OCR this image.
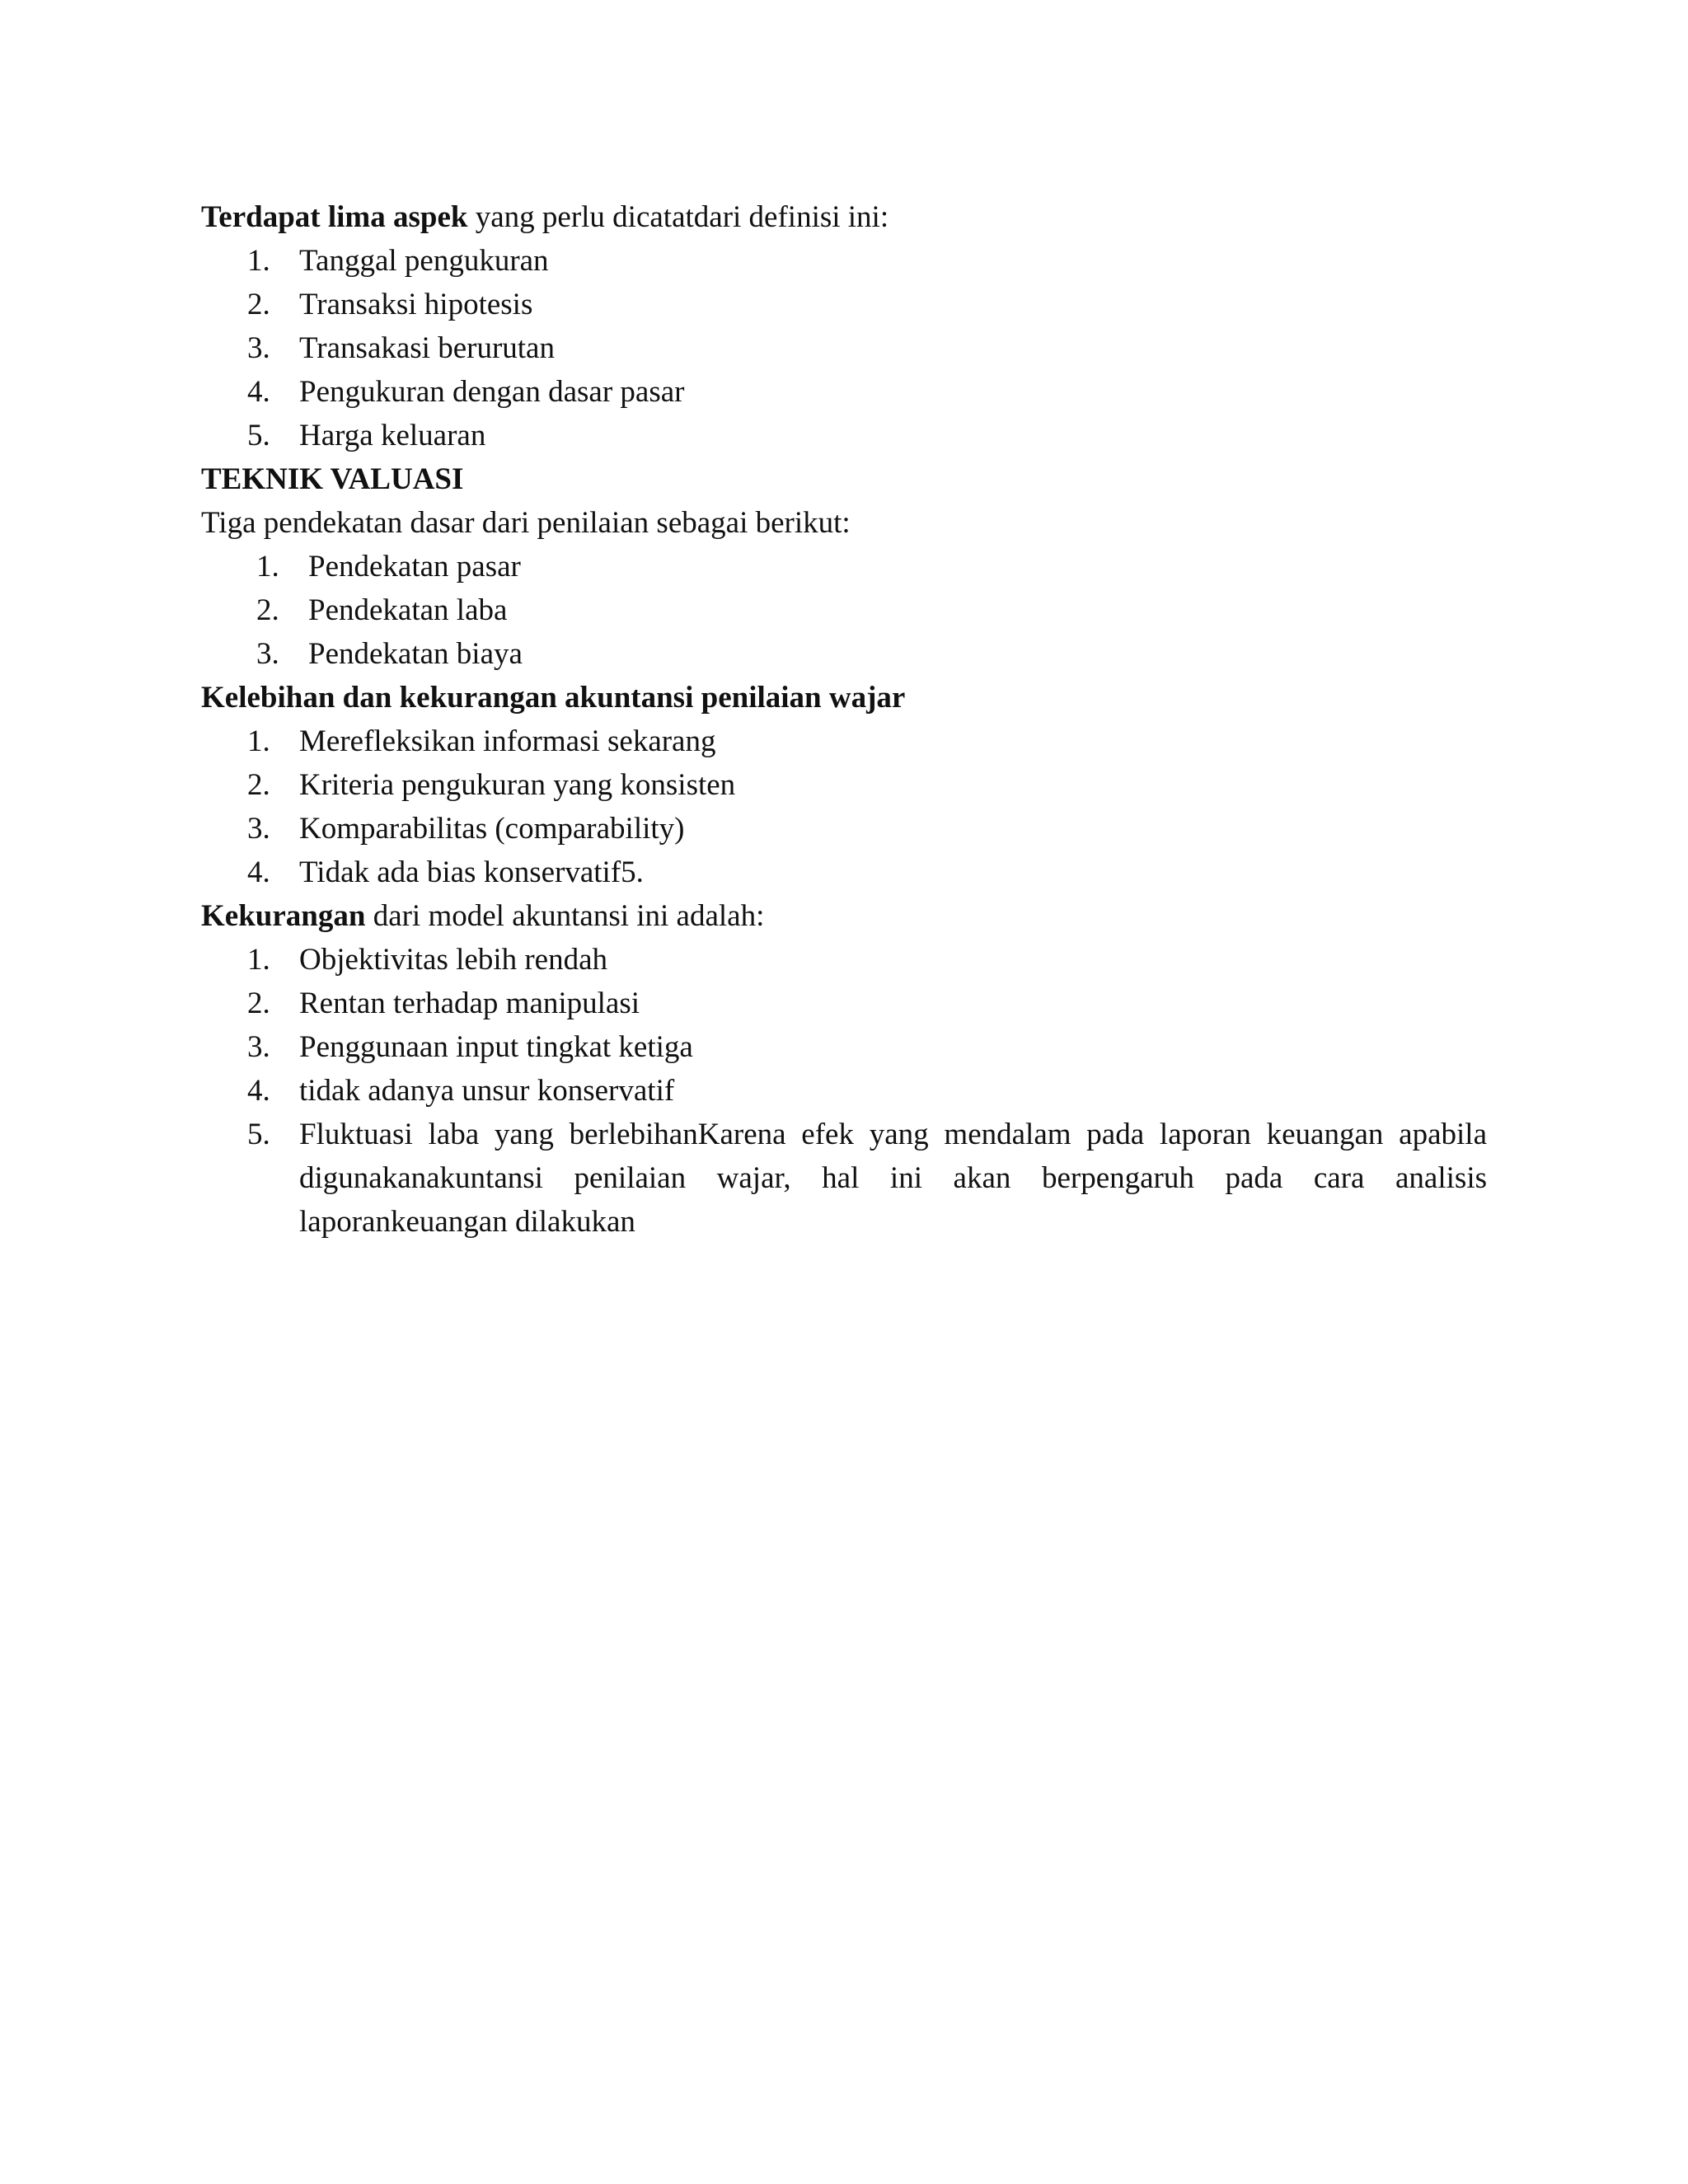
Terdapat lima aspek yang perlu dicatatdari definisi ini:

1. Tanggal pengukuran
2. Transaksi hipotesis
3. Transakasi berurutan
4. Pengukuran dengan dasar pasar
5. Harga keluaran

TEKNIK VALUASI

Tiga pendekatan dasar dari penilaian sebagai berikut:

1. Pendekatan pasar
2. Pendekatan laba
3. Pendekatan biaya

Kelebihan dan kekurangan akuntansi penilaian wajar

1. Merefleksikan informasi sekarang
2. Kriteria pengukuran yang konsisten
3. Komparabilitas (comparability)
4. Tidak ada bias konservatif5.

Kekurangan dari model akuntansi ini adalah:

1. Objektivitas lebih rendah
2. Rentan terhadap manipulasi
3. Penggunaan input tingkat ketiga
4. tidak adanya unsur konservatif
5. Fluktuasi laba yang berlebihanKarena efek yang mendalam pada laporan keuangan apabila digunakanakuntansi penilaian wajar, hal ini akan berpengaruh pada cara analisis laporankeuangan dilakukan
